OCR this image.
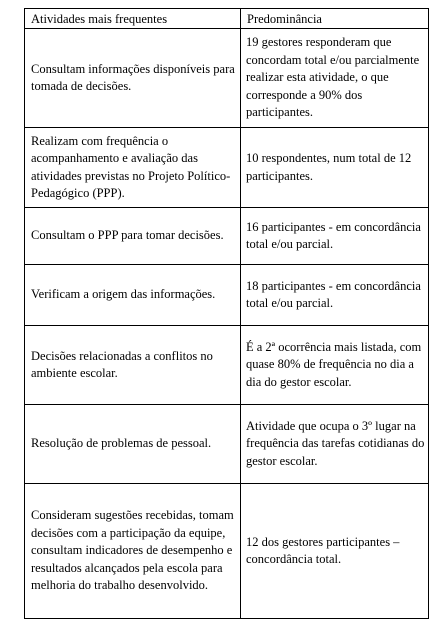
Atividades mais frequentes	Predominância
Consultam informações disponíveis para tomada de decisões.	19 gestores responderam que concordam total e/ou parcialmente realizar esta atividade, o que corresponde a 90% dos participantes.
Realizam com frequência o acompanhamento e avaliação das atividades previstas no Projeto Político- Pedagógico (PPP).	10 respondentes, num total de 12 participantes.
Consultam o PPP para tomar decisões.	16 participantes - em concordância total e/ou parcial.
Verificam a origem das informações.	18 participantes - em concordância total e/ou parcial.
Decisões relacionadas a conflitos no ambiente escolar.	É a 2ª ocorrência mais listada, com quase 80% de frequência no dia a dia do gestor escolar.
Resolução de problemas de pessoal.	Atividade que ocupa o 3º lugar na frequência das tarefas cotidianas do gestor escolar.
Consideram sugestões recebidas, tomam decisões com a participação da equipe, consultam indicadores de desempenho e resultados alcançados pela escola para melhoria do trabalho desenvolvido.	12 dos gestores participantes – concordância total.
